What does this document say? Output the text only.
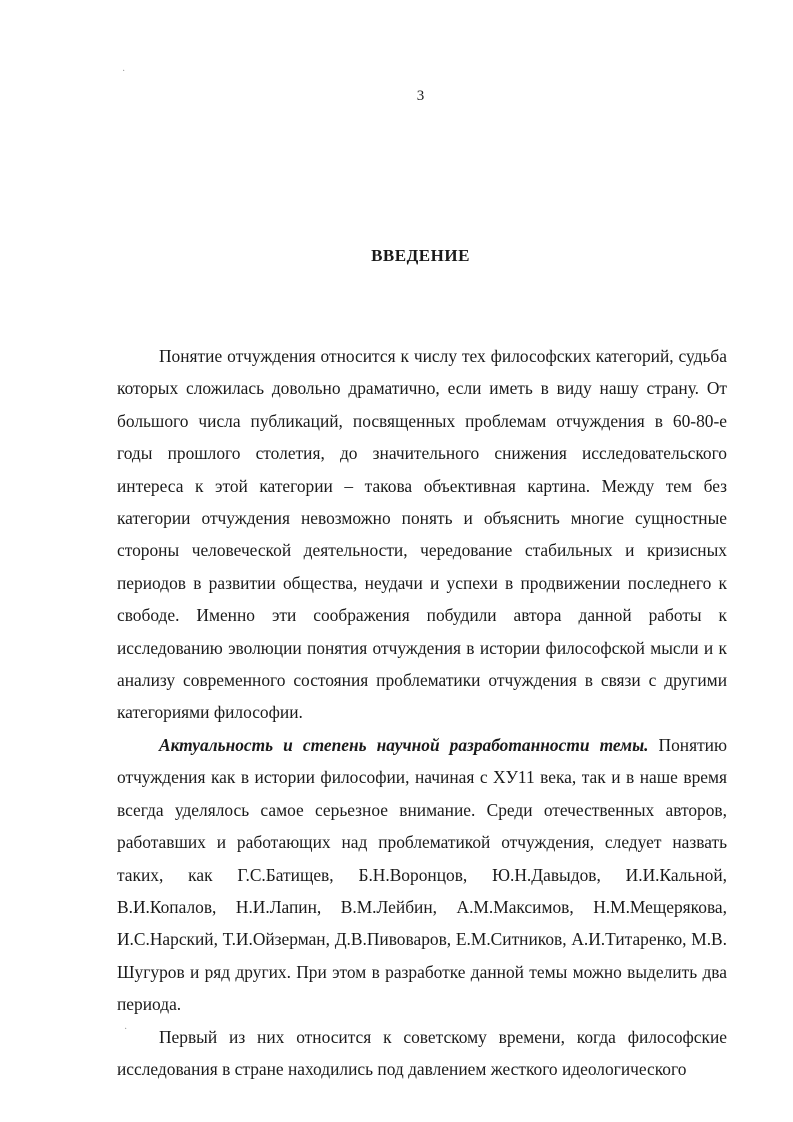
·
·
3
ВВЕДЕНИЕ

Понятие отчуждения относится к числу тех философских категорий, судьба которых сложилась довольно драматично, если иметь в виду нашу страну. От большого числа публикаций, посвященных проблемам отчуждения в 60-80-е годы прошлого столетия, до значительного снижения исследовательского интереса к этой категории – такова объективная картина. Между тем без категории отчуждения невозможно понять и объяснить многие сущностные стороны человеческой деятельности, чередование стабильных и кризисных периодов в развитии общества, неудачи и успехи в продвижении последнего к свободе. Именно эти соображения побудили автора данной работы к исследованию эволюции понятия отчуждения в истории философской мысли и к анализу современного состояния проблематики отчуждения в связи с другими категориями философии.

Актуальность и степень научной разработанности темы. Понятию отчуждения как в истории философии, начиная с ХУ11 века, так и в наше время всегда уделялось самое серьезное внимание. Среди отечественных авторов, работавших и работающих над проблематикой отчуждения, следует назвать таких, как Г.С.Батищев, Б.Н.Воронцов, Ю.Н.Давыдов, И.И.Кальной, В.И.Копалов, Н.И.Лапин, В.М.Лейбин, А.М.Максимов, Н.М.Мещерякова, И.С.Нарский, Т.И.Ойзерман, Д.В.Пивоваров, Е.М.Ситников, А.И.Титаренко, М.В. Шугуров и ряд других. При этом в разработке данной темы можно выделить два периода.

Первый из них относится к советскому времени, когда философские исследования в стране находились под давлением жесткого идеологического
